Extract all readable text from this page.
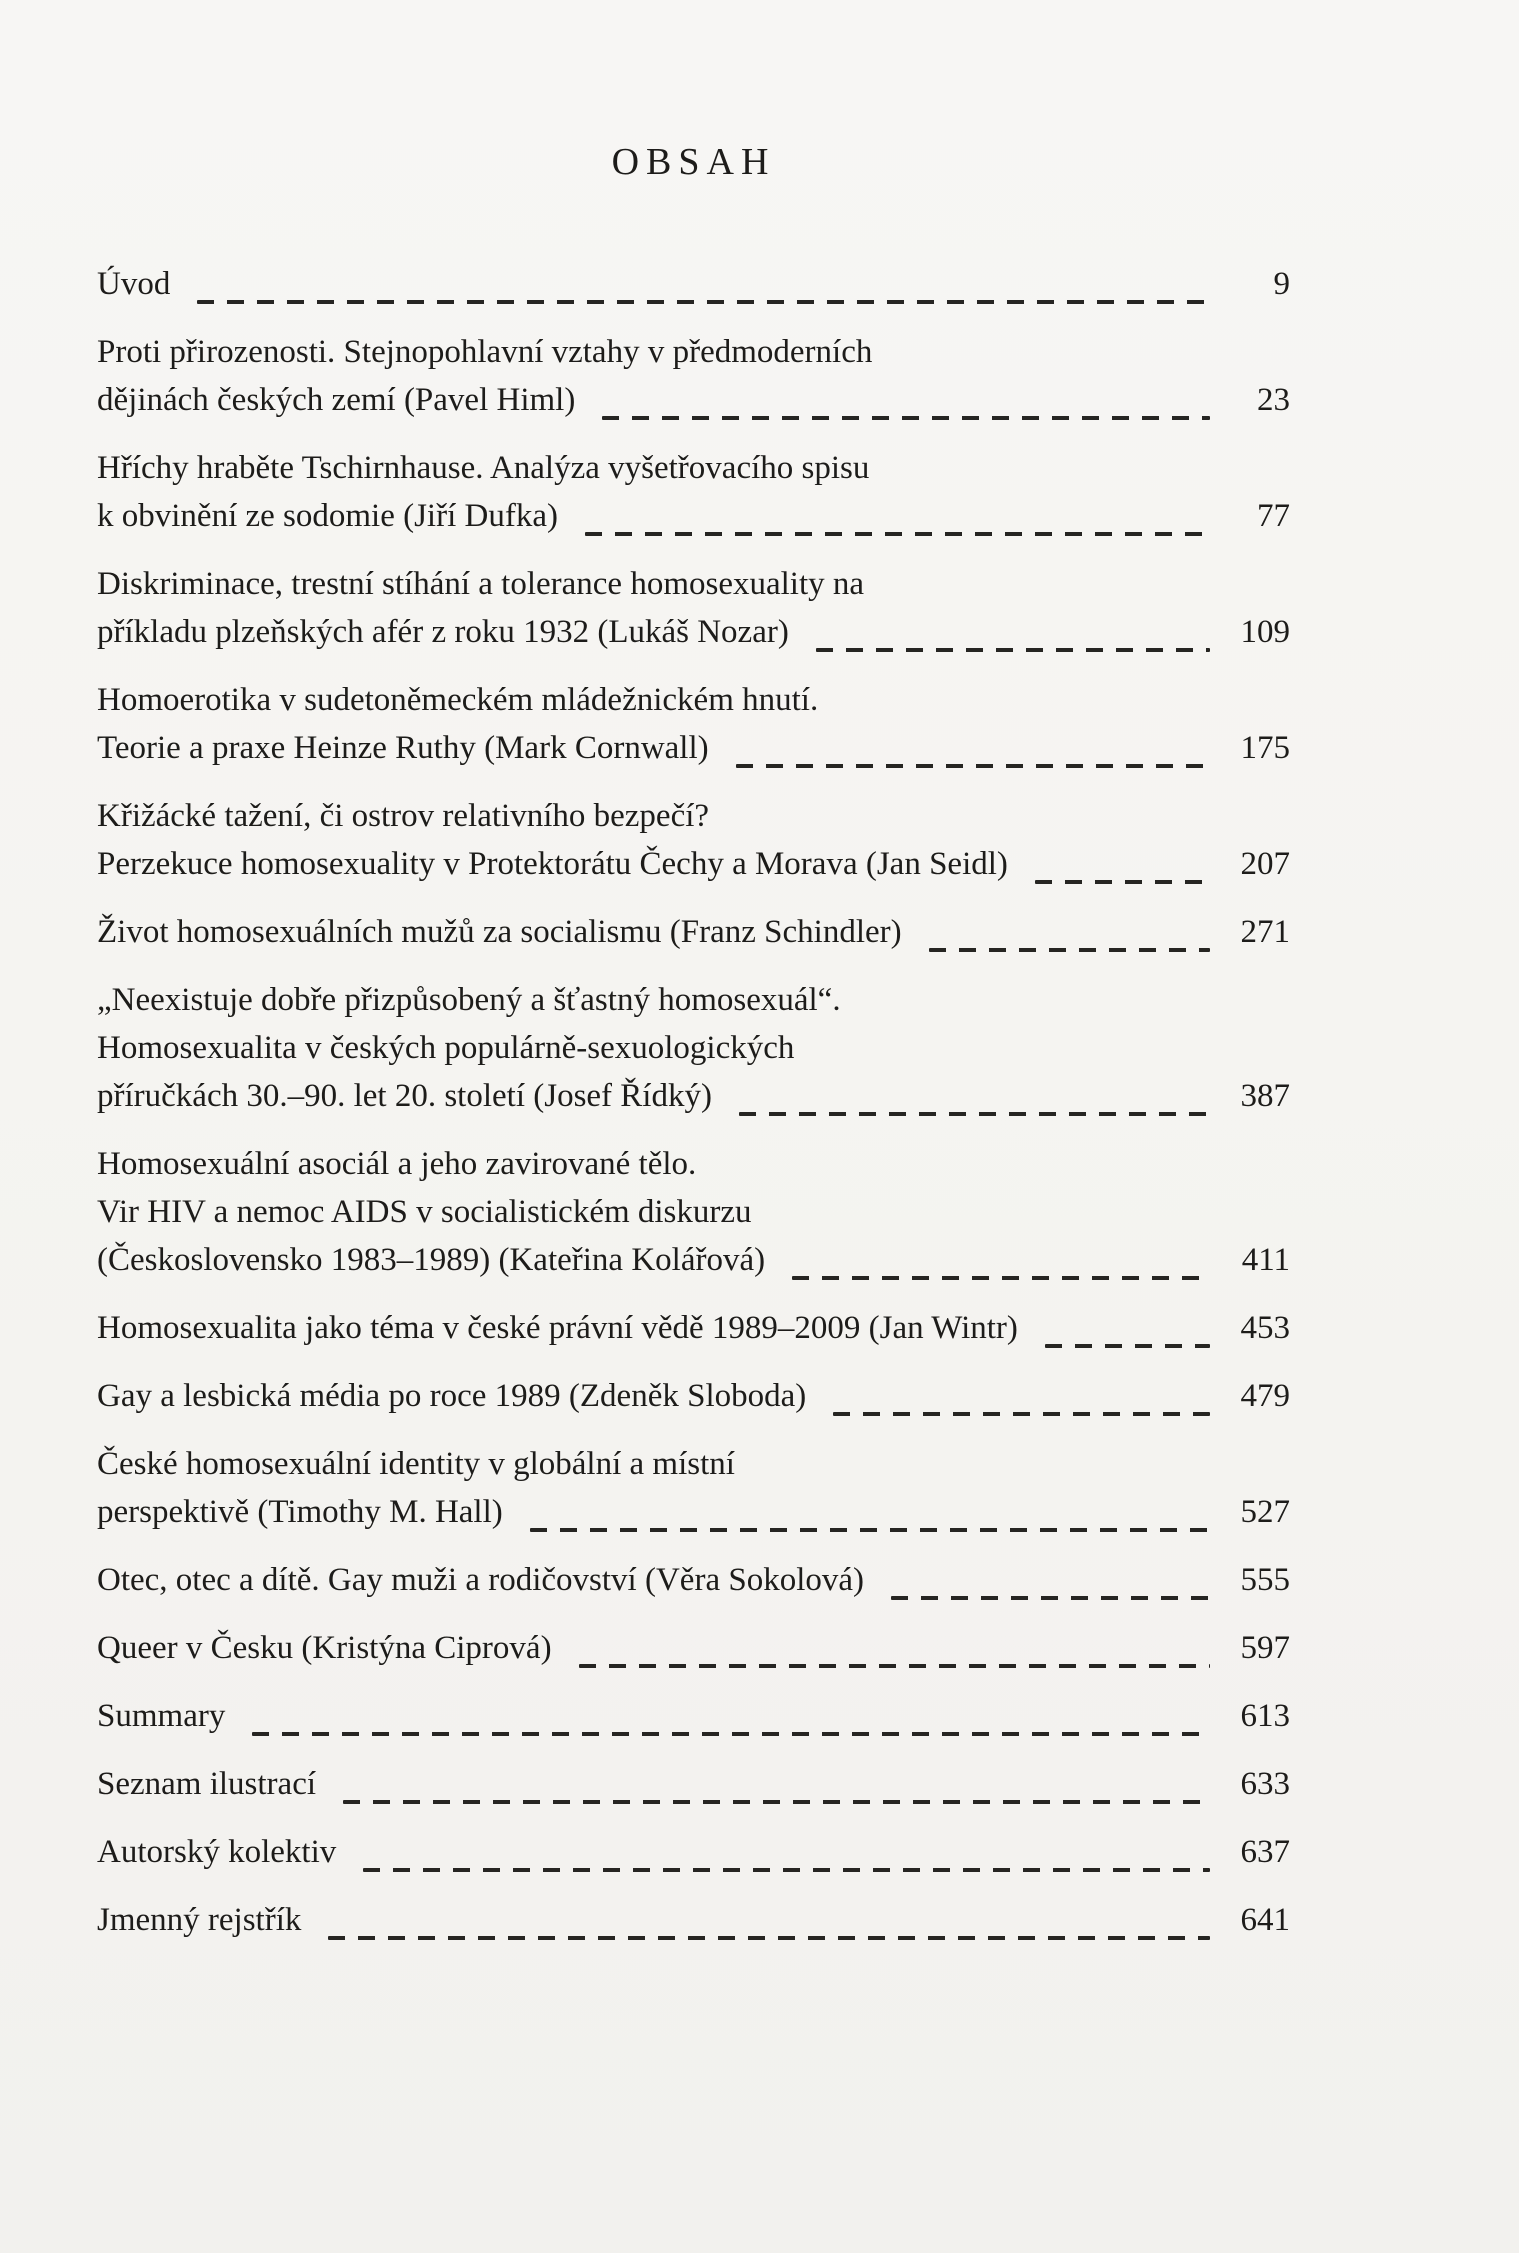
OBSAH
Úvod	9
Proti přirozenosti. Stejnopohlavní vztahy v předmoderních
dějinách českých zemí (Pavel Himl)	23
Hříchy hraběte Tschirnhause. Analýza vyšetřovacího spisu
k obvinění ze sodomie (Jiří Dufka)	77
Diskriminace, trestní stíhání a tolerance homosexuality na
příkladu plzeňských afér z roku 1932 (Lukáš Nozar)	109
Homoerotika v sudetoněmeckém mládežnickém hnutí.
Teorie a praxe Heinze Ruthy (Mark Cornwall)	175
Křižácké tažení, či ostrov relativního bezpečí?
Perzekuce homosexuality v Protektorátu Čechy a Morava (Jan Seidl)	207
Život homosexuálních mužů za socialismu (Franz Schindler)	271
„Neexistuje dobře přizpůsobený a šťastný homosexuál“.
Homosexualita v českých populárně-sexuologických
příručkách 30.–90. let 20. století (Josef Řídký)	387
Homosexuální asociál a jeho zavirované tělo.
Vir HIV a nemoc AIDS v socialistickém diskurzu
(Československo 1983–1989) (Kateřina Kolářová)	411
Homosexualita jako téma v české právní vědě 1989–2009 (Jan Wintr)	453
Gay a lesbická média po roce 1989 (Zdeněk Sloboda)	479
České homosexuální identity v globální a místní
perspektivě (Timothy M. Hall)	527
Otec, otec a dítě. Gay muži a rodičovství (Věra Sokolová)	555
Queer v Česku (Kristýna Ciprová)	597
Summary	613
Seznam ilustrací	633
Autorský kolektiv	637
Jmenný rejstřík	641
